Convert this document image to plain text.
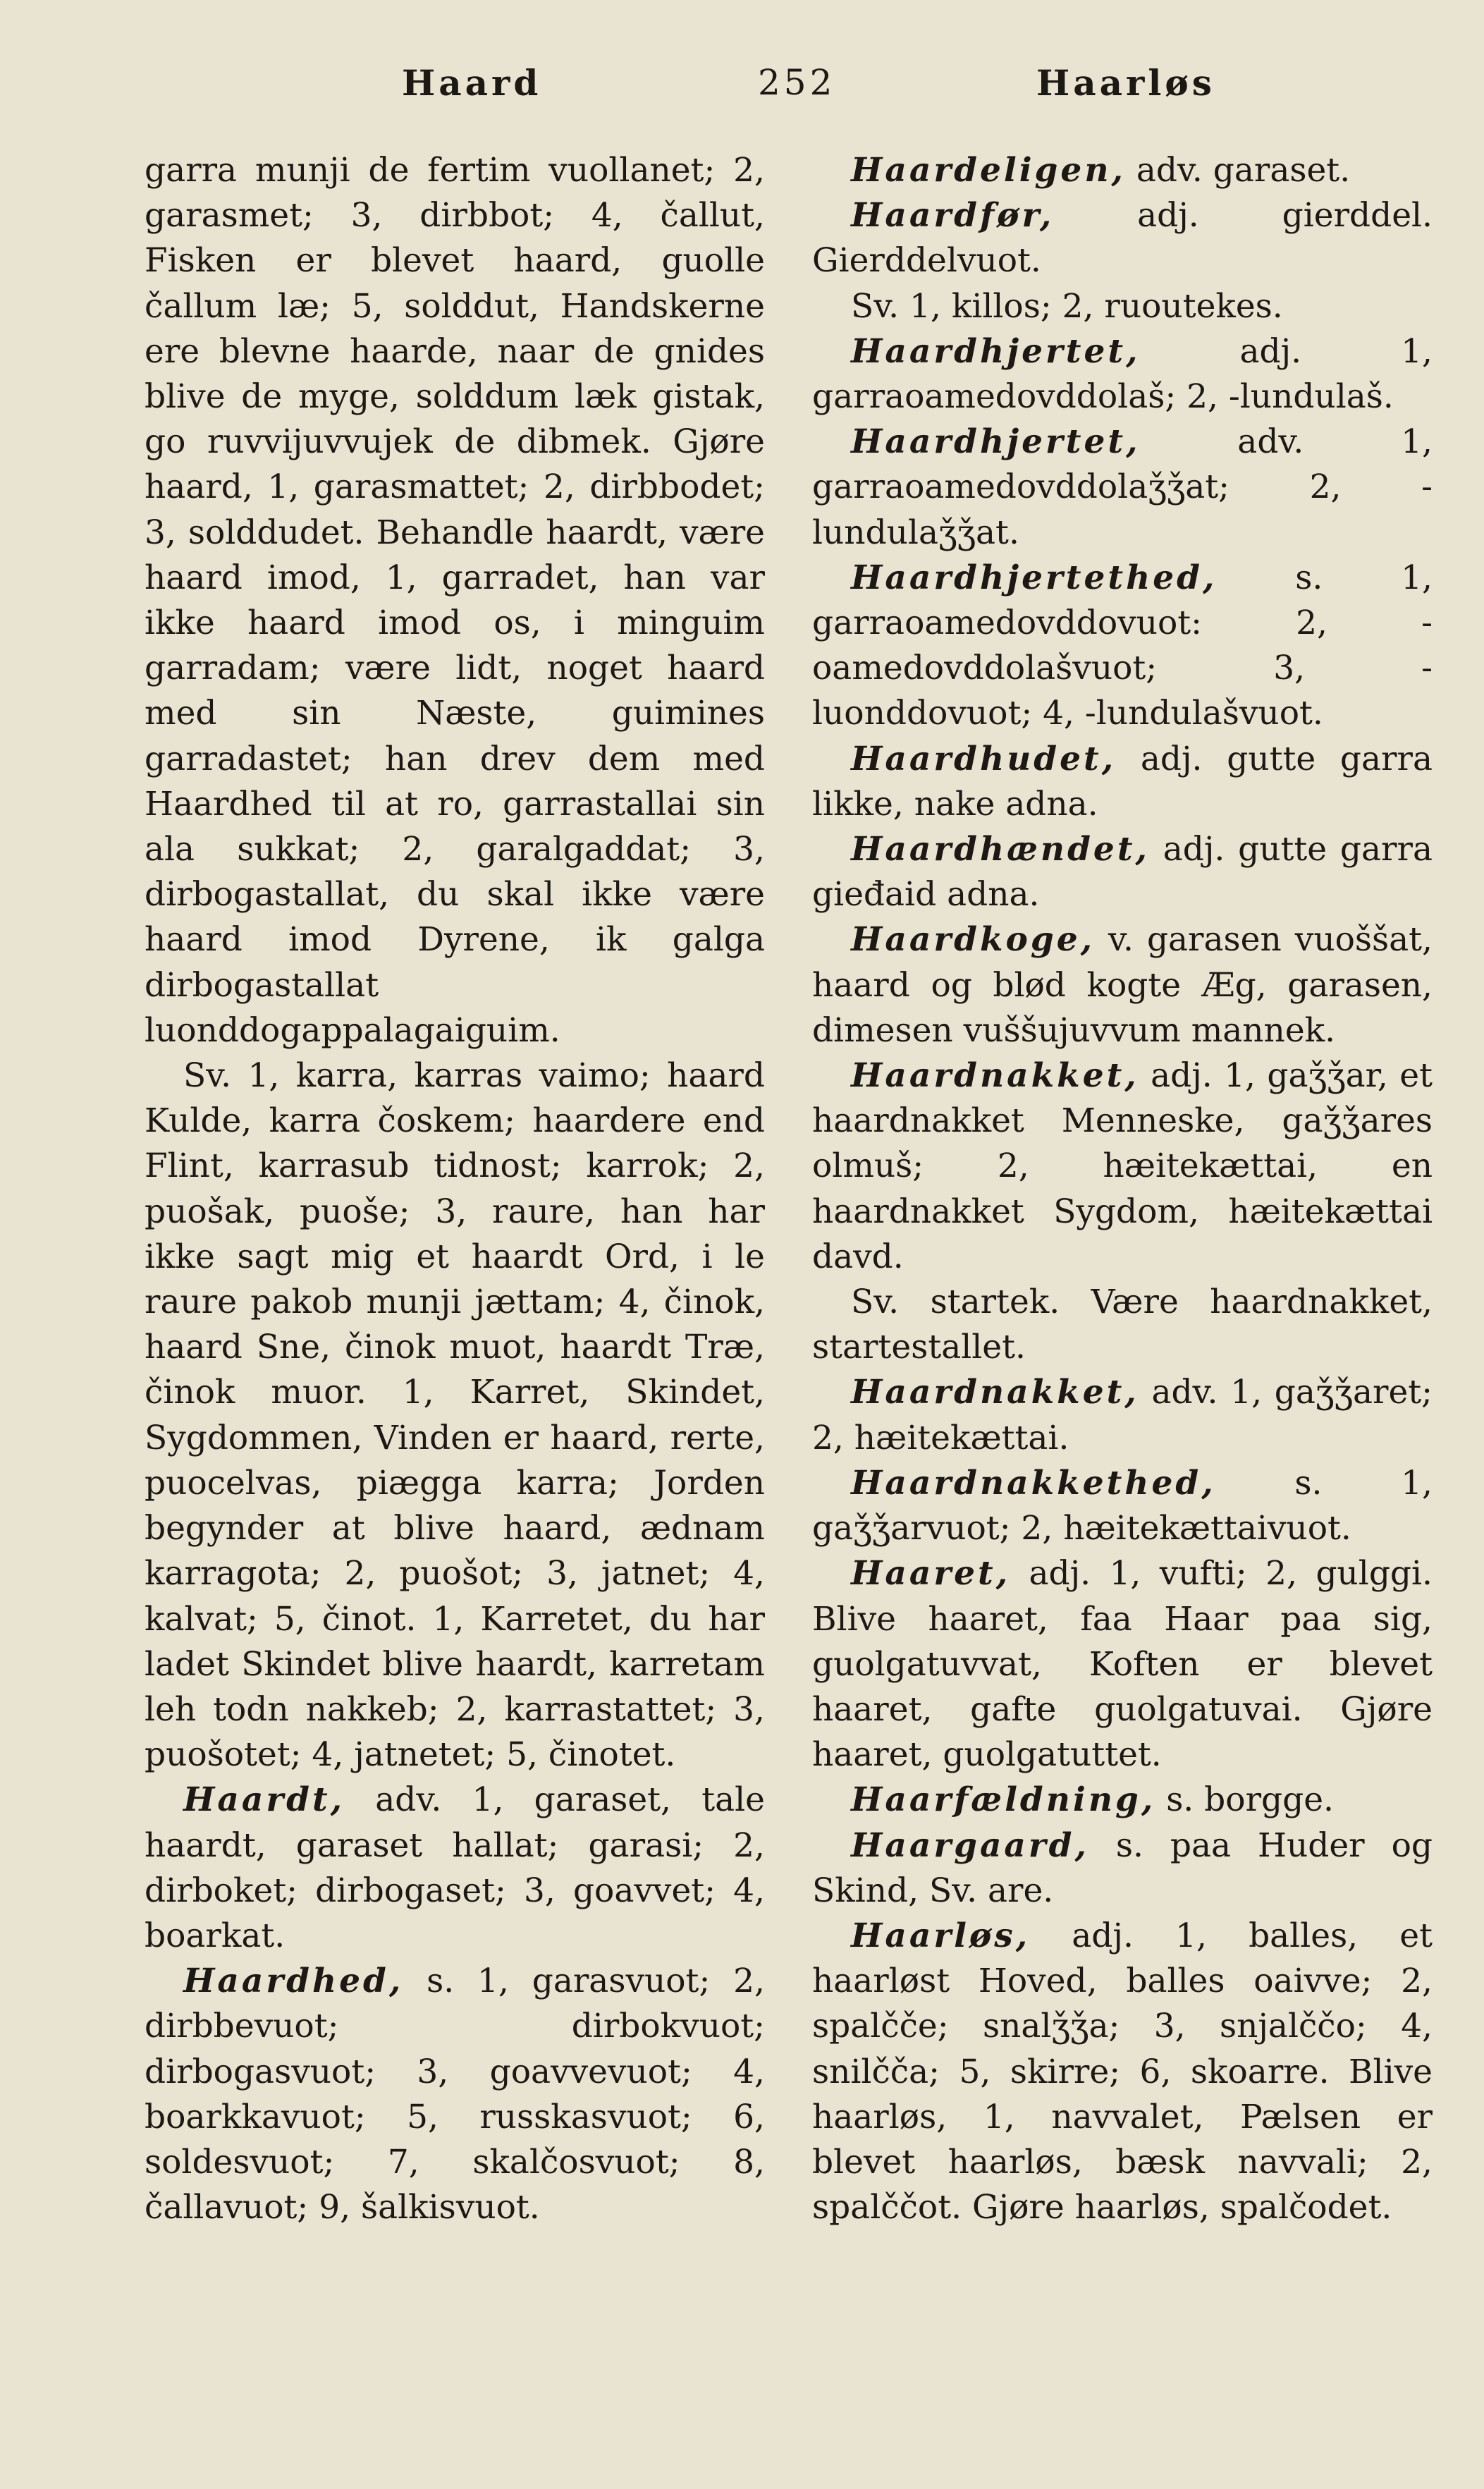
Haard	252	Haarløs

garra munji de fertim vuollanet; 2, garasmet; 3, dirbbot; 4, čallut, Fisken er blevet haard, guolle čallum læ; 5, solddut, Handskerne ere blevne haarde, naar de gnides blive de myge, solddum læk gistak, go ruvvijuvvujek de dibmek. Gjøre haard, 1, garasmattet; 2, dirbbodet; 3, solddudet. Behandle haardt, være haard imod, 1, garradet, han var ikke haard imod os, i minguim garradam; være lidt, noget haard med sin Næste, guimines garradastet; han drev dem med Haardhed til at ro, garrastallai sin ala sukkat; 2, garalgaddat; 3, dirbogastallat, du skal ikke være haard imod Dyrene, ik galga dirbogastallat luonddogappalagaiguim.

Sv. 1, karra, karras vaimo; haard Kulde, karra čoskem; haardere end Flint, karrasub tidnost; karrok; 2, puošak, puoše; 3, raure, han har ikke sagt mig et haardt Ord, i le raure pakob munji jættam; 4, činok, haard Sne, činok muot, haardt Træ, činok muor. 1, Karret, Skindet, Sygdommen, Vinden er haard, rerte, puocelvas, piægga karra; Jorden begynder at blive haard, ædnam karragota; 2, puošot; 3, jatnet; 4, kalvat; 5, činot. 1, Karretet, du har ladet Skindet blive haardt, karretam leh todn nakkeb; 2, karrastattet; 3, puošotet; 4, jatnetet; 5, činotet.

Haardt, adv. 1, garaset, tale haardt, garaset hallat; garasi; 2, dirboket; dirbogaset; 3, goavvet; 4, boarkat.

Haardhed, s. 1, garasvuot; 2, dirbbevuot; dirbokvuot; dirbogasvuot; 3, goavvevuot; 4, boarkkavuot; 5, russkasvuot; 6, soldesvuot; 7, skalčosvuot; 8, čallavuot; 9, šalkisvuot.

Haardeligen, adv. garaset.

Haardfør,	adj. gierddel. Gierddelvuot.

Sv. 1, killos; 2, ruoutekes.

Haardhjertet,	adj. 1, garraoamedovddolaš; 2, -lundulaš.

Haardhjertet,	adv. 1, garraoamedovddolaǯǯat; 2, -lundulaǯǯat.

Haardhjertethed, s. 1, garraoamedovddovuot: 2, -oamedovddolašvuot; 3, -luonddovuot; 4, -lundulašvuot.

Haardhudet, adj. gutte garra likke, nake adna.

Haardhændet, adj. gutte garra gieđaid adna.

Haardkoge, v. garasen vuoššat, haard og blød kogte Æg, garasen, dimesen vuššujuvvum mannek.

Haardnakket, adj. 1, gaǯǯar, et haardnakket Menneske, gaǯǯares olmuš; 2, hæitekættai, en haardnakket Sygdom, hæitekættai davd.

Sv. startek. Være haardnakket, startestallet.

Haardnakket, adv. 1, gaǯǯaret; 2, hæitekættai.

Haardnakkethed, s. 1, gaǯǯarvuot; 2, hæitekættaivuot.

Haaret, adj. 1, vufti; 2, gulggi. Blive haaret, faa Haar paa sig, guolgatuvvat, Koften er blevet haaret, gafte guolgatuvai. Gjøre haaret, guolgatuttet.

Haarfældning, s. borgge.

Haargaard, s. paa Huder og Skind, Sv. are.

Haarløs, adj. 1, balles, et haarløst Hoved, balles oaivve; 2, spalčče; snalǯǯa; 3, snjalččo; 4, snilčča; 5, skirre; 6, skoarre. Blive haarløs, 1, navvalet, Pælsen er blevet haarløs, bæsk navvali; 2, spalččot. Gjøre haarløs, spalčodet.
